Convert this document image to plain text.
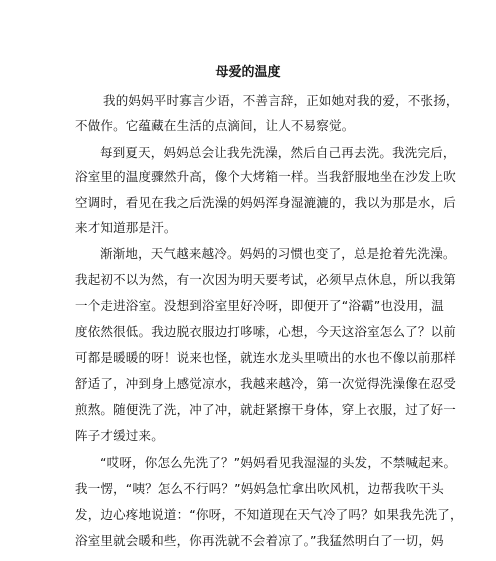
母爱的温度
我的妈妈平时寡言少语，不善言辞，正如她对我的爱，不张扬，
不做作。它蕴藏在生活的点滴间，让人不易察觉。
每到夏天，妈妈总会让我先洗澡，然后自己再去洗。我洗完后，
浴室里的温度骤然升高，像个大烤箱一样。当我舒服地坐在沙发上吹
空调时，看见在我之后洗澡的妈妈浑身湿漉漉的，我以为那是水，后
来才知道那是汗。
渐渐地，天气越来越冷。妈妈的习惯也变了，总是抢着先洗澡。
我起初不以为然，有一次因为明天要考试，必须早点休息，所以我第
一个走进浴室。没想到浴室里好冷呀，即便开了“浴霸”也没用，温
度依然很低。我边脱衣服边打哆嗦，心想，今天这浴室怎么了？以前
可都是暖暖的呀！说来也怪，就连水龙头里喷出的水也不像以前那样
舒适了，冲到身上感觉凉水，我越来越冷，第一次觉得洗澡像在忍受
煎熬。随便洗了洗，冲了冲，就赶紧擦干身体，穿上衣服，过了好一
阵子才缓过来。
“哎呀，你怎么先洗了？”妈妈看见我湿湿的头发，不禁喊起来。
我一愣，“咦？怎么不行吗？”妈妈急忙拿出吹风机，边帮我吹干头
发，边心疼地说道：“你呀，不知道现在天气冷了吗？如果我先洗了，
浴室里就会暖和些，你再洗就不会着凉了。”我猛然明白了一切，妈
